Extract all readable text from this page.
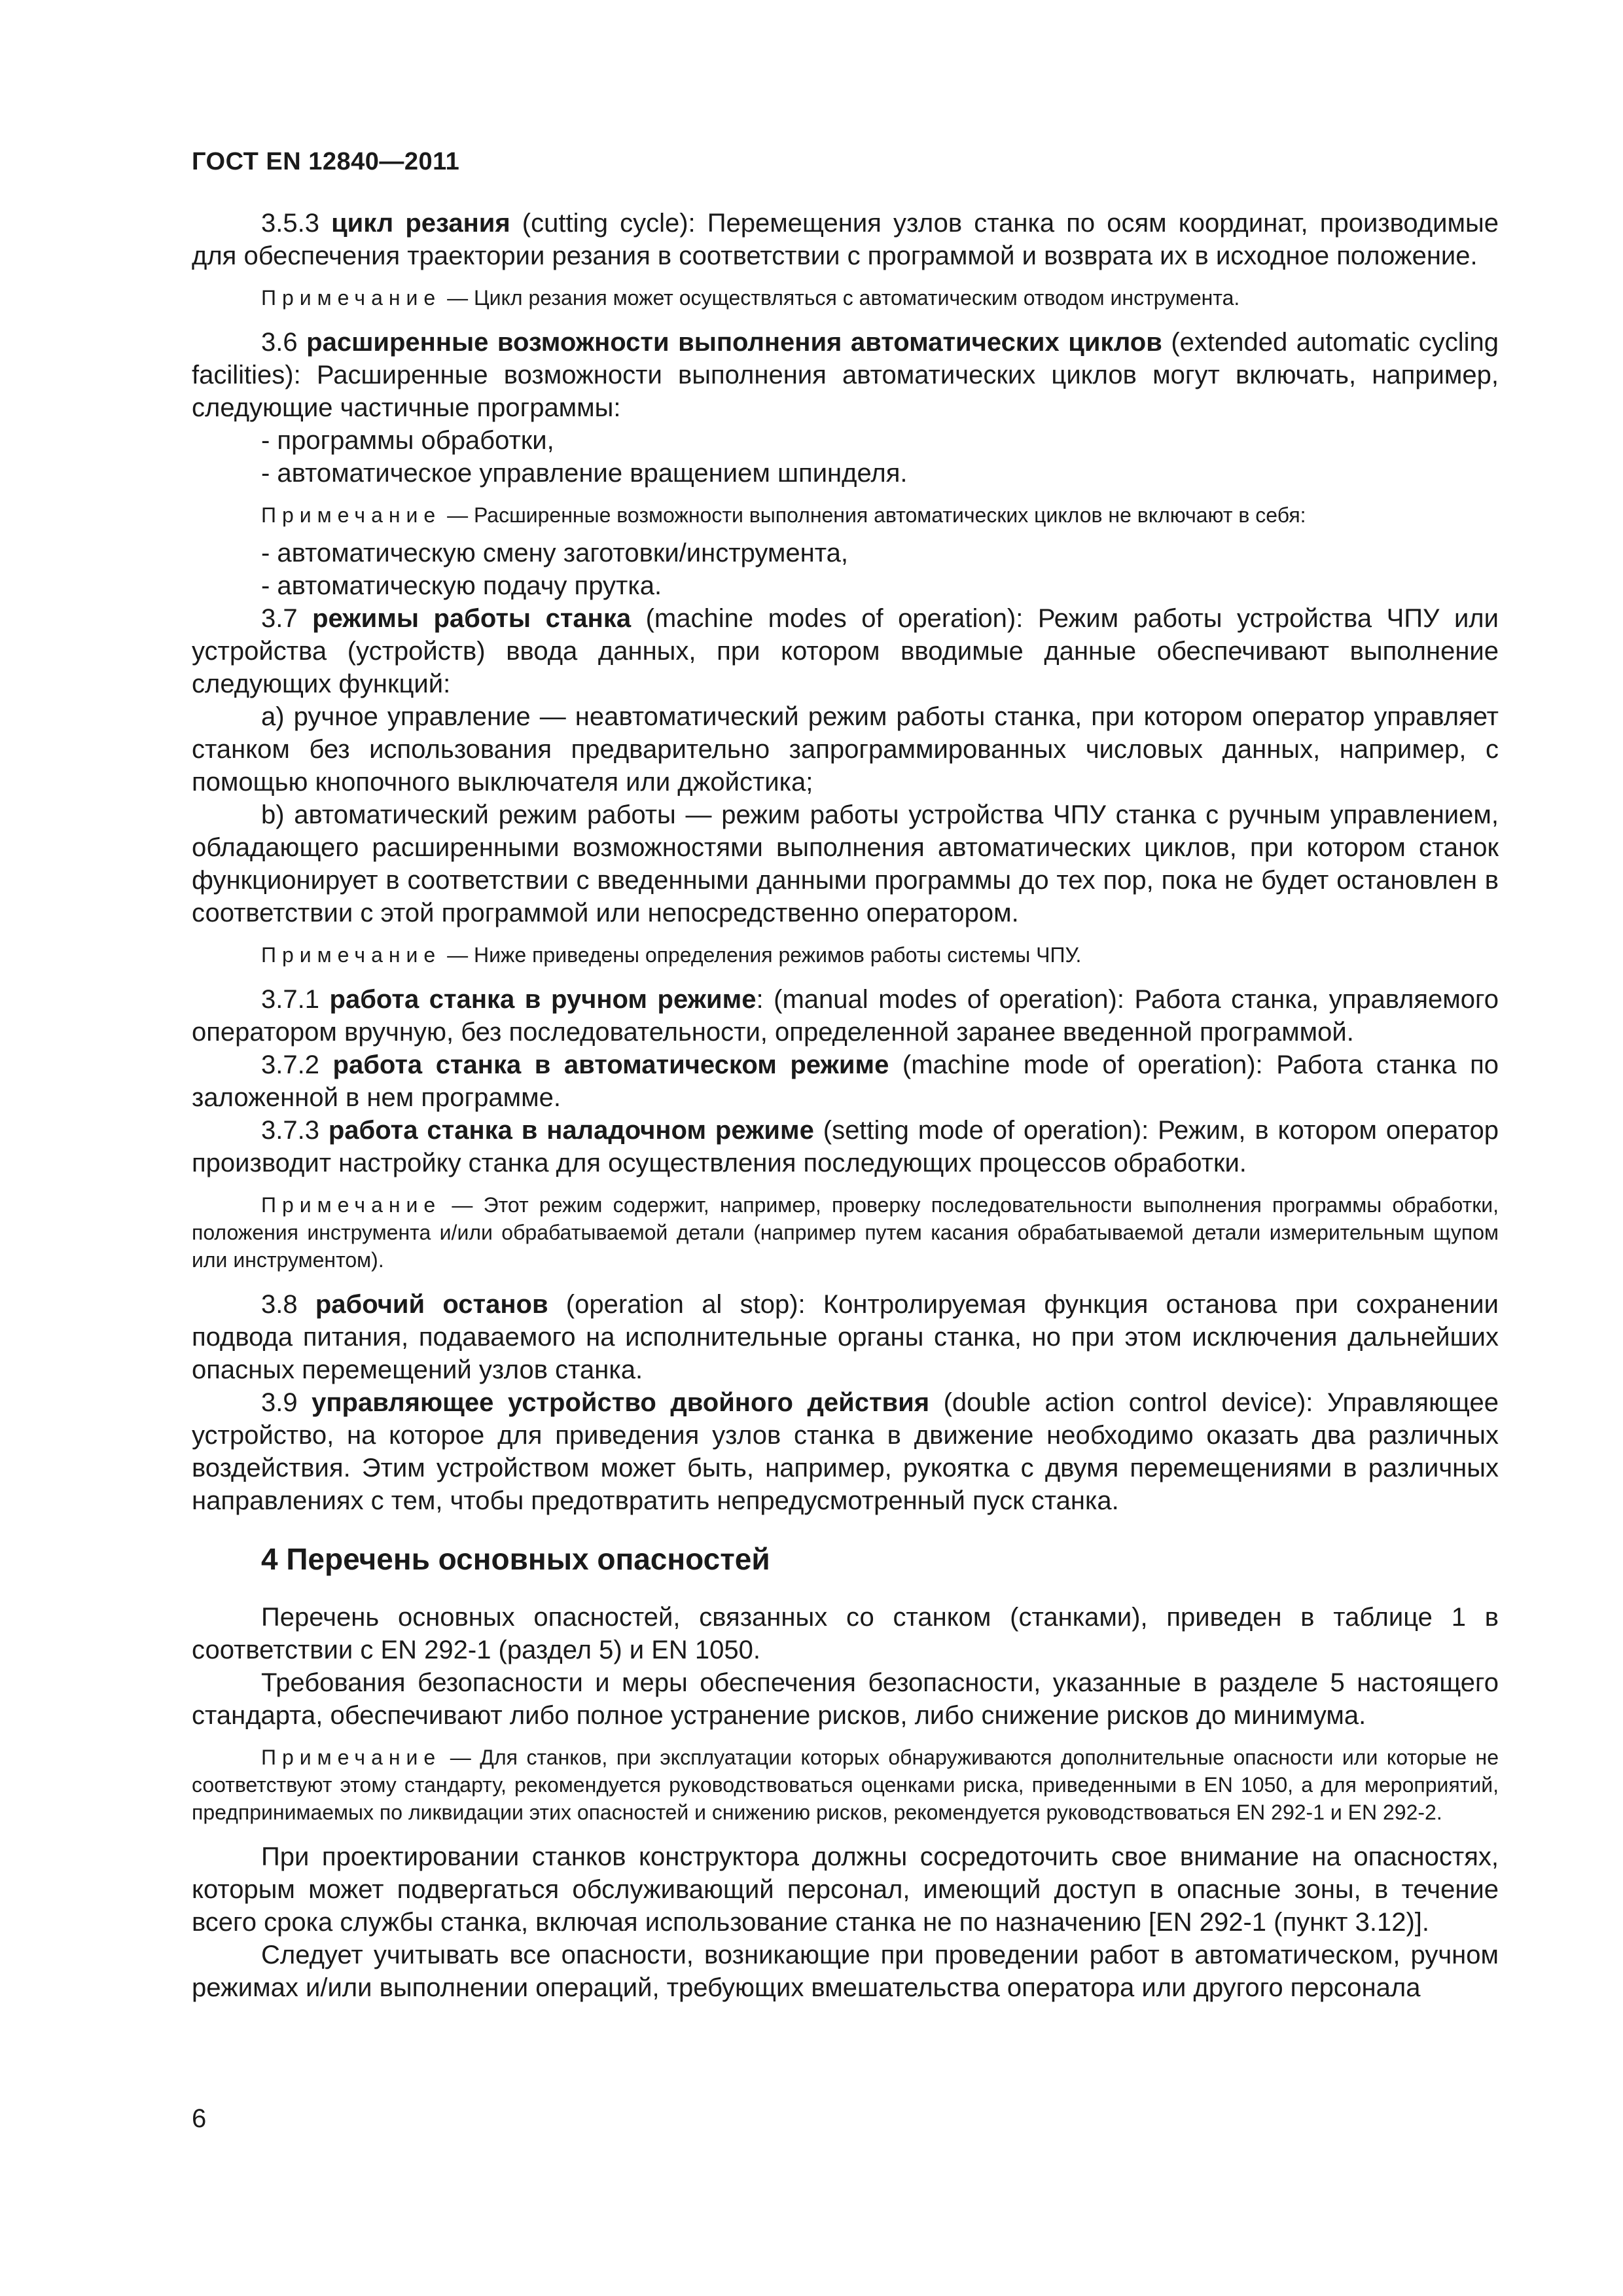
ГОСТ EN 12840—2011

3.5.3 цикл резания (cutting cycle): Перемещения узлов станка по осям координат, производимые для обеспечения траектории резания в соответствии с программой и возврата их в исходное положение.

Примечание — Цикл резания может осуществляться с автоматическим отводом инструмента.

3.6 расширенные возможности выполнения автоматических циклов (extended automatic cycling facilities): Расширенные возможности выполнения автоматических циклов могут включать, например, следующие частичные программы:

- программы обработки,

- автоматическое управление вращением шпинделя.

Примечание — Расширенные возможности выполнения автоматических циклов не включают в себя:

- автоматическую смену заготовки/инструмента,

- автоматическую подачу прутка.

3.7 режимы работы станка (machine modes of operation): Режим работы устройства ЧПУ или устройства (устройств) ввода данных, при котором вводимые данные обеспечивают выполнение следующих функций:

a) ручное управление — неавтоматический режим работы станка, при котором оператор управляет станком без использования предварительно запрограммированных числовых данных, например, с помощью кнопочного выключателя или джойстика;

b) автоматический режим работы — режим работы устройства ЧПУ станка с ручным управлением, обладающего расширенными возможностями выполнения автоматических циклов, при котором станок функционирует в соответствии с введенными данными программы до тех пор, пока не будет остановлен в соответствии с этой программой или непосредственно оператором.

Примечание — Ниже приведены определения режимов работы системы ЧПУ.

3.7.1 работа станка в ручном режиме: (manual modes of operation): Работа станка, управляемого оператором вручную, без последовательности, определенной заранее введенной программой.

3.7.2 работа станка в автоматическом режиме (machine mode of operation): Работа станка по заложенной в нем программе.

3.7.3 работа станка в наладочном режиме (setting mode of operation): Режим, в котором оператор производит настройку станка для осуществления последующих процессов обработки.

Примечание — Этот режим содержит, например, проверку последовательности выполнения программы обработки, положения инструмента и/или обрабатываемой детали (например путем касания обрабатываемой детали измерительным щупом или инструментом).

3.8 рабочий останов (operation al stop): Контролируемая функция останова при сохранении подвода питания, подаваемого на исполнительные органы станка, но при этом исключения дальнейших опасных перемещений узлов станка.

3.9 управляющее устройство двойного действия (double action control device): Управляющее устройство, на которое для приведения узлов станка в движение необходимо оказать два различных воздействия. Этим устройством может быть, например, рукоятка с двумя перемещениями в различных направлениях с тем, чтобы предотвратить непредусмотренный пуск станка.

4 Перечень основных опасностей

Перечень основных опасностей, связанных со станком (станками), приведен в таблице 1 в соответствии с EN 292-1 (раздел 5) и EN 1050.

Требования безопасности и меры обеспечения безопасности, указанные в разделе 5 настоящего стандарта, обеспечивают либо полное устранение рисков, либо снижение рисков до минимума.

Примечание — Для станков, при эксплуатации которых обнаруживаются дополнительные опасности или которые не соответствуют этому стандарту, рекомендуется руководствоваться оценками риска, приведенными в EN 1050, а для мероприятий, предпринимаемых по ликвидации этих опасностей и снижению рисков, рекомендуется руководствоваться EN 292-1 и EN 292-2.

При проектировании станков конструктора должны сосредоточить свое внимание на опасностях, которым может подвергаться обслуживающий персонал, имеющий доступ в опасные зоны, в течение всего срока службы станка, включая использование станка не по назначению [EN 292-1 (пункт 3.12)].

Следует учитывать все опасности, возникающие при проведении работ в автоматическом, ручном режимах и/или выполнении операций, требующих вмешательства оператора или другого персонала

6
